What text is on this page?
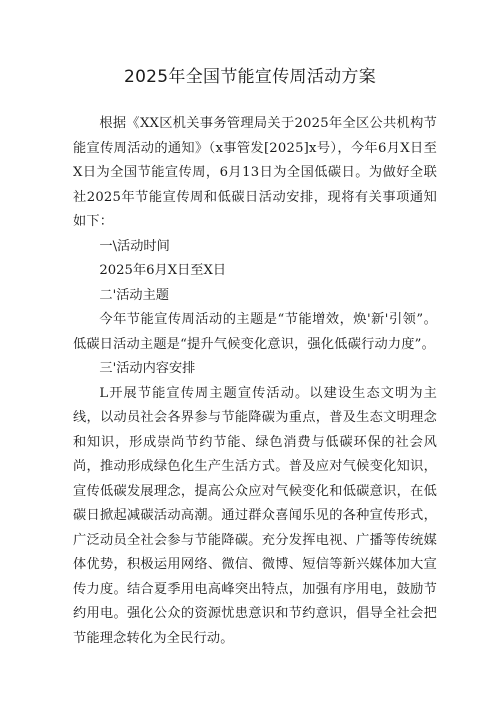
2025年全国节能宣传周活动方案

根据《XX区机关事务管理局关于2025年全区公共机构节能宣传周活动的通知》（x事管发[2025]x号），今年6月X日至X日为全国节能宣传周，6月13日为全国低碳日。为做好全联社2025年节能宣传周和低碳日活动安排，现将有关事项通知如下：

一\活动时间

2025年6月X日至X日

二'活动主题

今年节能宣传周活动的主题是“节能增效，焕'新'引领”。低碳日活动主题是“提升气候变化意识，强化低碳行动力度”。

三'活动内容安排

L开展节能宣传周主题宣传活动。以建设生态文明为主线，以动员社会各界参与节能降碳为重点，普及生态文明理念和知识，形成崇尚节约节能、绿色消费与低碳环保的社会风尚，推动形成绿色化生产生活方式。普及应对气候变化知识，宣传低碳发展理念，提高公众应对气候变化和低碳意识，在低碳日掀起减碳活动高潮。通过群众喜闻乐见的各种宣传形式，广泛动员全社会参与节能降碳。充分发挥电视、广播等传统媒体优势，积极运用网络、微信、微博、短信等新兴媒体加大宣传力度。结合夏季用电高峰突出特点，加强有序用电，鼓励节约用电。强化公众的资源忧患意识和节约意识，倡导全社会把节能理念转化为全民行动。
